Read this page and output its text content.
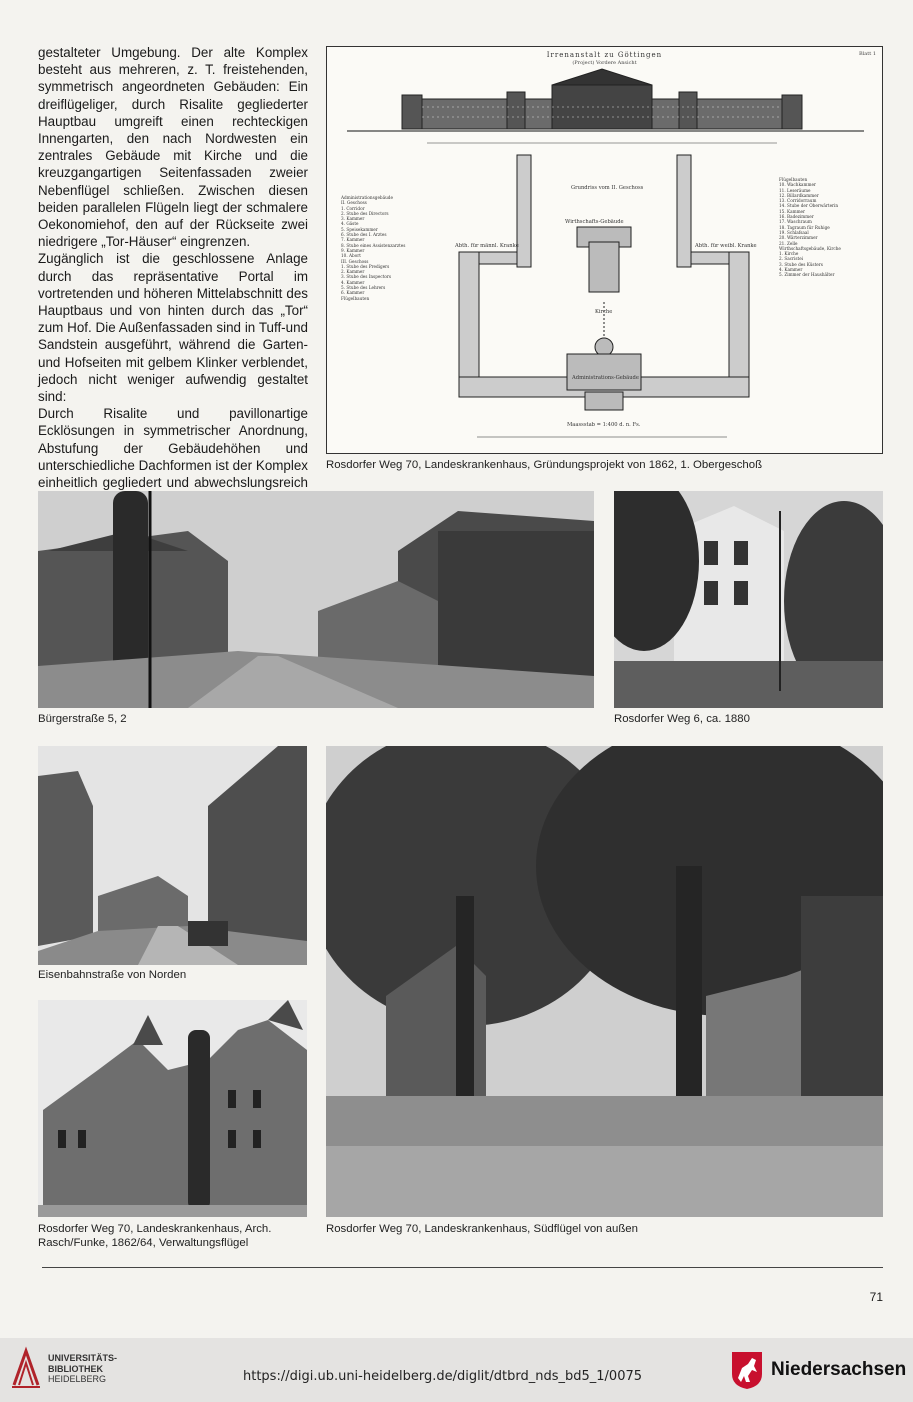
gestalteter Umgebung. Der alte Komplex besteht aus mehreren, z. T. freistehenden, symmetrisch angeordneten Gebäuden: Ein dreiflügeliger, durch Risalite gegliederter Hauptbau umgreift einen rechteckigen Innengarten, den nach Nordwesten ein zentrales Gebäude mit Kirche und die kreuzgangartigen Seitenfassaden zweier Nebenflügel schließen. Zwischen diesen beiden parallelen Flügeln liegt der schmalere Oekonomiehof, den auf der Rückseite zwei niedrigere „Tor-Häuser“ eingrenzen.

Zugänglich ist die geschlossene Anlage durch das repräsentative Portal im vortretenden und höheren Mittelabschnitt des Hauptbaus und von hinten durch das „Tor“ zum Hof. Die Außenfassaden sind in Tuff-und Sandstein ausgeführt, während die Garten- und Hofseiten mit gelbem Klinker verblendet, jedoch nicht weniger aufwendig gestaltet sind:

Durch Risalite und pavillonartige Ecklösungen in symmetrischer Anordnung, Abstufung der Gebäudehöhen und unterschiedliche Dachformen ist der Komplex einheitlich gegliedert und abwechslungsreich

Irrenanstalt zu Göttingen	Blatt 1
(Project) Vordere Ansicht
Grundriss vom II. Geschoss
Wirthschafts-Gebäude
Abth. für männl. Kranke	Abth. für weibl. Kranke
Kirche
Administrations-Gebäude
Maassstab = 1:400 d. n. Fs.
Administrationsgebäude
II. Geschoss
1. Corridor
2. Stube des Directors
3. Kammer
4. Gäste
5. Speisekammer
6. Stube des I. Arztes
7. Kammer
8. Stube eines Assistenzarztes
9. Kammer
10. Abort
III. Geschoss
1. Stube des Predigers
2. Kammer
3. Stube des Inspectors
4. Kammer
5. Stube des Lehrers
6. Kammer
Flügelbauten
Flügelbauten
10. Wachkammer
11. Leseräume
12. Billardkammer
13. Corridorraum
14. Stube der Oberwärterin
15. Kammer
16. Badezimmer
17. Waschraum
18. Tagraum für Ruhige
19. Schlafsaal
20. Wärterzimmer
21. Zelle
Wirthschaftsgebäude, Kirche
1. Kirche
2. Sacristei
3. Stube des Küsters
4. Kammer
5. Zimmer der Haushälter
Rosdorfer Weg 70, Landeskrankenhaus, Gründungsprojekt von 1862, 1. Obergeschoß
Bürgerstraße 5, 2	Rosdorfer Weg 6, ca. 1880
Eisenbahnstraße von Norden
Rosdorfer Weg 70, Landeskrankenhaus, Arch. Rasch/Funke, 1862/64, Verwaltungsflügel
Rosdorfer Weg 70, Landeskrankenhaus, Südflügel von außen
71
UNIVERSITÄTS-
BIBLIOTHEK
HEIDELBERG	https://digi.ub.uni-heidelberg.de/diglit/dtbrd_nds_bd5_1/0075	Niedersachsen
